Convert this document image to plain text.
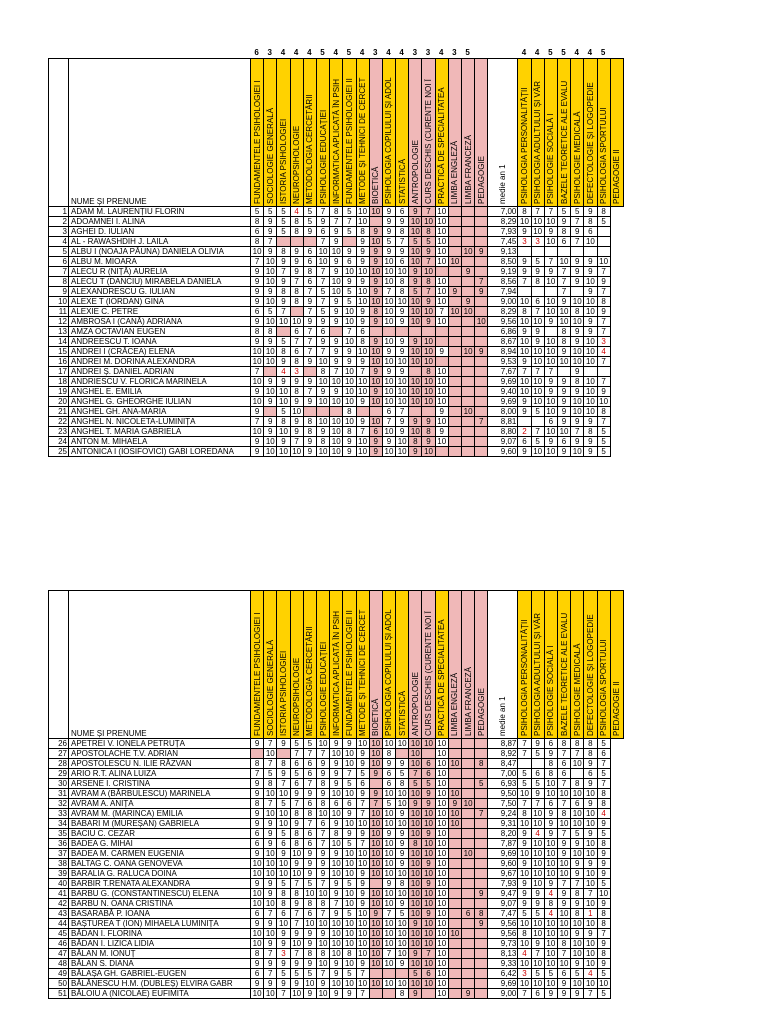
		6	3	4	4	4	5	4	5	4	3	4	4	3	3	4	3	5			4	4	5	5	4	4	5
	NUME ȘI PRENUME	FUNDAMENTELE PSIHOLOGIEI I	SOCIOLOGIE GENERALĂ	ISTORIA PSIHOLOGIEI	NEUROPSIHOLOGIE	METODOLOGIA CERCETĂRII	PSIHOLOGIE EDUCAȚIEI	INFORMATICA APLICATĂ ÎN PSIH	FUNDAMENTELE PSIHOLOGIEI II	METODE ȘI TEHNICI DE CERCET	BIOETICĂ	PSIHOLOGIA COPILULUI ȘI ADOL	STATISTICĂ	ANTROPOLOGIE	CURS DESCHIS (CURENTE NOI Î	PRACTICĂ DE SPECIALITATEA	LIMBA ENGLEZĂ	LIMBA FRANCEZĂ	PEDAGOGIE	medie an 1	PSIHOLOGIA PERSONALITĂȚII	PSIHOLOGIA ADULTULUI ȘI VÂR	PSIHOLOGIE SOCIALĂ I	BAZELE TEORETICE ALE EVALU	PSIHOLOGIE MEDICALĂ	DEFECTOLOGIE ȘI LOGOPEDIE	PSIHOLOGIA SPORTULUI	PEDAGOGIE II
1	ADAM M. LAURENȚIU FLORIN	5	5	5	4	5	7	8	5	10	10	9	6	9	7	10				7,00	8	7	7	5	5	9	8	
2	ADOAMNEI I. ALINA	8	9	5	8	5	9	7	7	10		9	9	10	10	10				8,29	10	10	10	9	7	8	5	
3	AGHEI D. IULIAN	6	9	5	8	9	6	9	5	8	9	9	8	10	8	10				7,93	9	10	9	8	9	6		
4	AL - RAWASHDIH J. LAILA	8	7				7	9		9	10	5	7	5	5	10				7,45	3	3	10	6	7	10		
5	ALBU I (NOAJA PĂUNA) DANIELA OLIVIA	10	9	8	9	6	10	10	9	9	9	9	9	10	9	10		10	9	9,13								
6	ALBU M. MIOARA	7	10	9	9	6	10	9	6	9	9	10	6	10	7	10	10			8,50	9	5	7	10	9	9	10	
7	ALECU R (NIȚĂ) AURELIA	9	10	7	9	8	7	9	10	10	10	10	10	9	10			9		9,19	9	9	9	7	9	9	7	
8	ALECU T (DANCIU) MIRABELA DANIELA	9	10	9	7	6	7	10	9	9	9	10	8	9	8	10			7	8,56	7	8	10	7	9	10	9	
9	ALEXANDRESCU G. IULIAN	9	9	8	8	7	5	10	5	10	9	7	8	5	7	10	9		9	7,94				7		9	7	
10	ALEXE T (IORDAN) GINA	9	10	9	8	9	7	9	5	10	10	10	10	10	9	10		9		9,00	10	6	10	9	10	10	8	
11	ALEXIE C. PETRE	6	5	7		7	5	9	10	9	8	10	9	10	10	7	10	10		8,29	8	7	10	10	8	10	9	
12	AMBROSA I (CANĂ) ADRIANA	9	10	10	10	9	9	9	10	9	9	10	9	10	9	10			10	9,56	10	10	9	10	10	9	7	
13	AMZA OCTAVIAN EUGEN	8	8		6	7	6		7	6										6,86	9	9		8	9	9	7	
14	ANDREESCU T. IOANA	9	9	5	7	7	9	9	10	8	9	10	9	9	10					8,67	10	9	10	8	9	10	3	
15	ANDREI I (CRĂCEA) ELENA	10	10	8	6	7	7	9	9	10	10	9	9	10	10	9		10	9	8,94	10	10	10	9	10	10	4	
16	ANDREI M. DORINA ALEXANDRA	10	10	9	8	9	10	9	9	9	10	10	10	10	10					9,53	9	10	10	10	10	10	7	
17	ANDREI Ș. DANIEL ADRIAN	7		4	3		8	7	10	7	9	9	9		8	10				7,67	7	7	7		9			
18	ANDRIESCU V. FLORICA MARINELA	10	9	9	9	9	10	10	10	10	10	10	10	10	10	10				9,69	10	10	9	9	8	10	7	
19	ANGHEL E. EMILIA	9	10	10	8	7	9	9	10	10	9	10	10	10	10	10				9,40	10	10	9	9	9	10	9	
20	ANGHEL G. GHEORGHE IULIAN	10	9	10	9	9	10	10	10	9	10	10	10	10	10	10				9,69	9	10	10	9	10	10	10	
21	ANGHEL GH. ANA-MARIA	9		5	10				8			6	7			9		10		8,00	9	5	10	9	10	10	8	
22	ANGHEL N. NICOLETA-LUMINIȚA	7	9	8	9	8	10	10	10	9	10	7	9	9	9	10			7	8,81			6	9	9	9	7	
23	ANGHEL T. MARIA GABRIELA	10	9	10	9	8	9	10	8	7	6	10	9	10	8	9				8,80	2	7	10	10	7	8	5	
24	ANTON M. MIHAELA	9	10	9	7	9	8	10	9	10	9	9	10	8	9	10				9,07	6	5	9	6	9	9	5	
25	ANTONICA I (IOSIFOVICI) GABI LOREDANA	9	10	10	10	9	10	10	9	10	9	10	10	9	10					9,60	9	10	10	9	10	9	5	
	NUME ȘI PRENUME	FUNDAMENTELE PSIHOLOGIEI I	SOCIOLOGIE GENERALĂ	ISTORIA PSIHOLOGIEI	NEUROPSIHOLOGIE	METODOLOGIA CERCETĂRII	PSIHOLOGIE EDUCAȚIEI	INFORMATICA APLICATĂ ÎN PSIH	FUNDAMENTELE PSIHOLOGIEI II	METODE ȘI TEHNICI DE CERCET	BIOETICĂ	PSIHOLOGIA COPILULUI ȘI ADOL	STATISTICĂ	ANTROPOLOGIE	CURS DESCHIS (CURENTE NOI Î	PRACTICĂ DE SPECIALITATEA	LIMBA ENGLEZĂ	LIMBA FRANCEZĂ	PEDAGOGIE	medie an 1	PSIHOLOGIA PERSONALITĂȚII	PSIHOLOGIA ADULTULUI ȘI VÂR	PSIHOLOGIE SOCIALĂ I	BAZELE TEORETICE ALE EVALU	PSIHOLOGIE MEDICALĂ	DEFECTOLOGIE ȘI LOGOPEDIE	PSIHOLOGIA SPORTULUI	PEDAGOGIE II
26	APETREI V. IONELA PETRUȚA	9	7	9	5	5	10	9	9	10	10	10	10	10	10	10				8,87	7	9	6	8	8	8	5	
27	APOSTOLACHE T.V. ADRIAN		10		7	7	7	10	10	9	10	8		10		10				8,92	7	5	9	7	7	8	6	
28	APOSTOLESCU N. ILIE RĂZVAN	8	7	8	6	6	9	9	10	9	10	9	9	10	6	10	10		8	8,47			8	6	10	9	7	
29	ARIO R.T. ALINA LUIZA	7	5	9	5	6	9	9	7	5	9	6	5	7	6	10				7,00	5	6	8	6		6	5	
30	ARSENE I. CRISTINA	9	8	7	6	7	8	9	5	6		6	8	5	5	10			5	6,93	5	5	10	7	8	9	7	
31	AVRAM A (BĂRBULESCU) MARINELA	9	10	10	9	9	9	10	10	9	9	10	10	10	9	10	10			9,50	10	9	10	10	10	10	8	
32	AVRAM A. ANIȚA	8	7	5	7	6	8	6	6	7	7	5	10	9	9	10	9	10		7,50	7	7	6	7	6	9	8	
33	AVRAM M. (MARINCA) EMILIA	9	10	10	8	8	10	10	9	7	10	10	9	10	10	10	10		7	9,24	8	10	9	8	10	10	4	
34	BABARI M (MUREȘAN) GABRIELA	9	9	10	9	7	6	9	10	10	10	10	10	10	10	10	10			9,31	10	10	9	10	10	10	9	
35	BACIU C. CEZAR	6	9	5	8	6	7	8	9	9	10	9	9	10	9	10				8,20	9	4	9	7	5	9	5	
36	BADEA G. MIHAI	6	9	6	8	6	7	10	5	7	10	10	9	8	10	10				7,87	9	10	10	9	9	10	8	
37	BADEA M. CARMEN EUGENIA	9	10	9	10	9	9	9	10	10	10	10	9	10	10	10		10		9,69	10	10	10	9	10	10	9	
38	BALTAG C. OANA GENOVEVA	10	10	10	9	9	9	10	10	10	10	10	9	10	9	10				9,60	9	10	10	10	9	9	9	
39	BARALIA G. RALUCA DOINA	10	10	10	10	9	9	10	10	9	10	10	10	10	10	10				9,67	10	10	10	10	9	10	9	
40	BARBIR T.RENATA ALEXANDRA	9	9	5	7	5	7	9	5	9		9	8	10	9	10				7,93	9	10	9	7	7	10	5	
41	BARBU G. (CONSTANTINESCU) ELENA	10	9	8	8	10	10	9	10	9	10	10	10	10	10	10			9	9,47	9	9	4	9	8	7	10	
42	BARBU N. OANA CRISTINA	10	10	8	9	8	8	7	10	9	10	10	9	10	10	10				9,07	9	9	8	9	9	10	9	
43	BASARABĂ P. IOANA	6	7	6	7	6	7	9	5	10	9	7	5	10	9	10		6	8	7,47	5	5	4	10	8	1	8	
44	BAȘTUREA T (ION) MIHAELA LUMINIȚA	9	9	10	7	10	10	10	10	10	10	10	10	9	10	10			9	9,56	10	10	10	10	10	10	8	
45	BĂDAN I. FLORINA	10	10	9	9	9	9	10	10	10	10	10	10	10	10	10	10			9,56	8	10	10	10	9	9	7	
46	BĂDAN I. LIZICA LIDIA	10	9	9	10	9	10	10	10	10	10	10	10	10	10	10				9,73	10	9	10	8	10	10	9	
47	BĂLAN M. IONUȚ	8	7	3	7	8	8	10	8	10	10	7	10	9	7	10				8,13	4	7	10	7	10	10	8	
48	BĂLAN S. DIANA	9	9	9	9	9	10	9	10	9	10	10	9	10	10	10				9,33	10	10	10	10	9	10	9	
49	BĂLAȘA GH. GABRIEL-EUGEN	6	7	5	5	5	7	9	5	7				5	6	10				6,42	3	5	5	6	5	4	5	
50	BĂLĂNESCU H.M. (DUBLEȘ) ELVIRA GABR	9	9	9	9	10	9	10	10	10	10	10	10	10	10	10				9,69	10	10	10	9	10	10	10	
51	BĂLOIU A (NICOLAE) EUFIMITA	10	10	7	10	9	10	9	9	7			8	9		10		9		9,00	7	6	9	9	9	7	5	
